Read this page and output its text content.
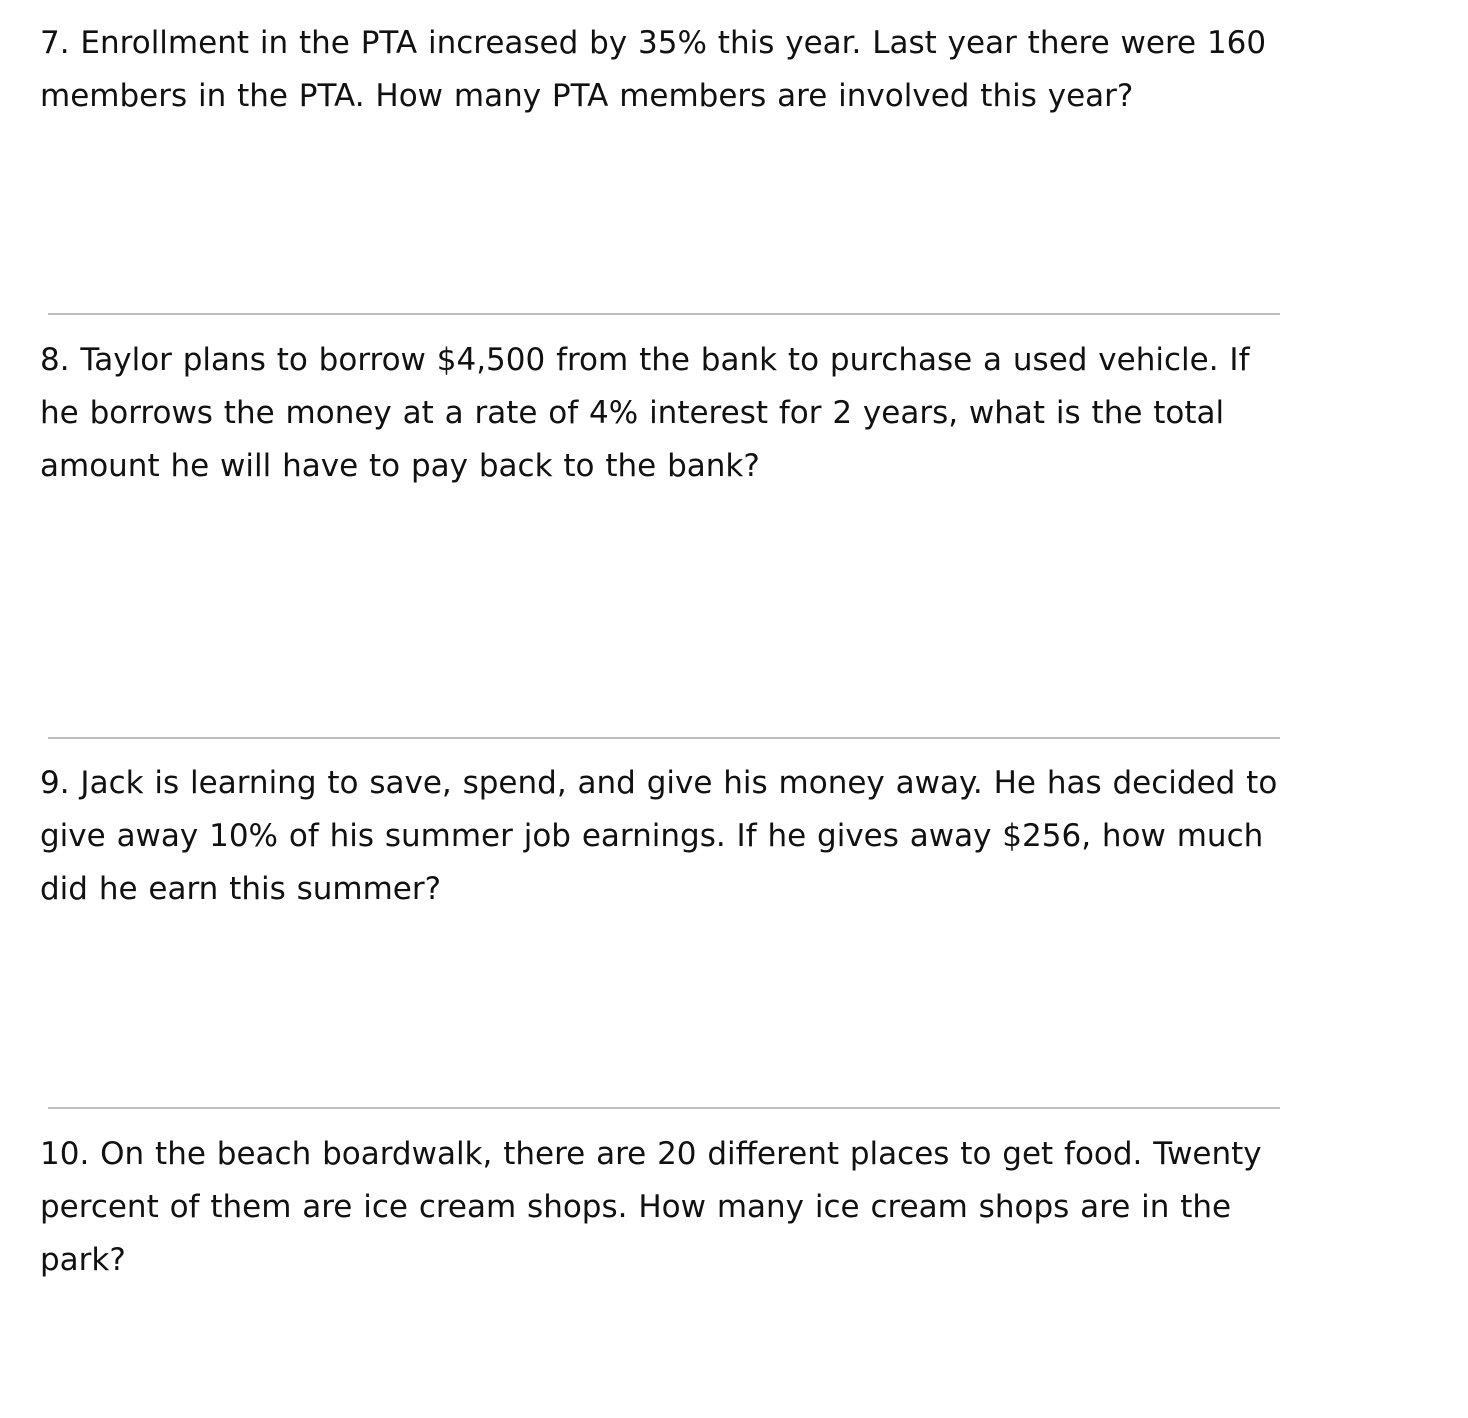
7. Enrollment in the PTA increased by 35% this year. Last year there were 160 members in the PTA. How many PTA members are involved this year?

8. Taylor plans to borrow $4,500 from the bank to purchase a used vehicle. If he borrows the money at a rate of 4% interest for 2 years, what is the total amount he will have to pay back to the bank?

9. Jack is learning to save, spend, and give his money away. He has decided to give away 10% of his summer job earnings. If he gives away $256, how much did he earn this summer?

10. On the beach boardwalk, there are 20 different places to get food. Twenty percent of them are ice cream shops. How many ice cream shops are in the park?
